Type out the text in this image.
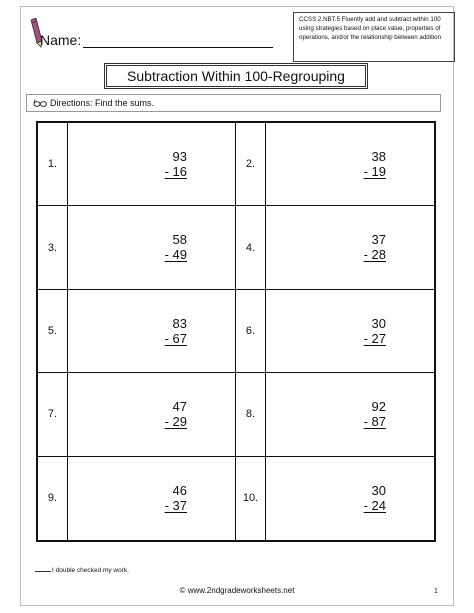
Name:
CCSS 2.NBT.5 Fluently add and subtract within 100 using strategies based on place value, properties of operations, and/or the relationship between addition
Subtraction Within 100-Regrouping
Directions: Find the sums.
1.
93
- 16	2.
38
- 19
3.
58
- 49	4.
37
- 28
5.
83
- 67	6.
30
- 27
7.
47
- 29	8.
92
- 87
9.
46
- 37	10.
30
- 24
I double checked my work.
© www.2ndgradeworksheets.net	1
